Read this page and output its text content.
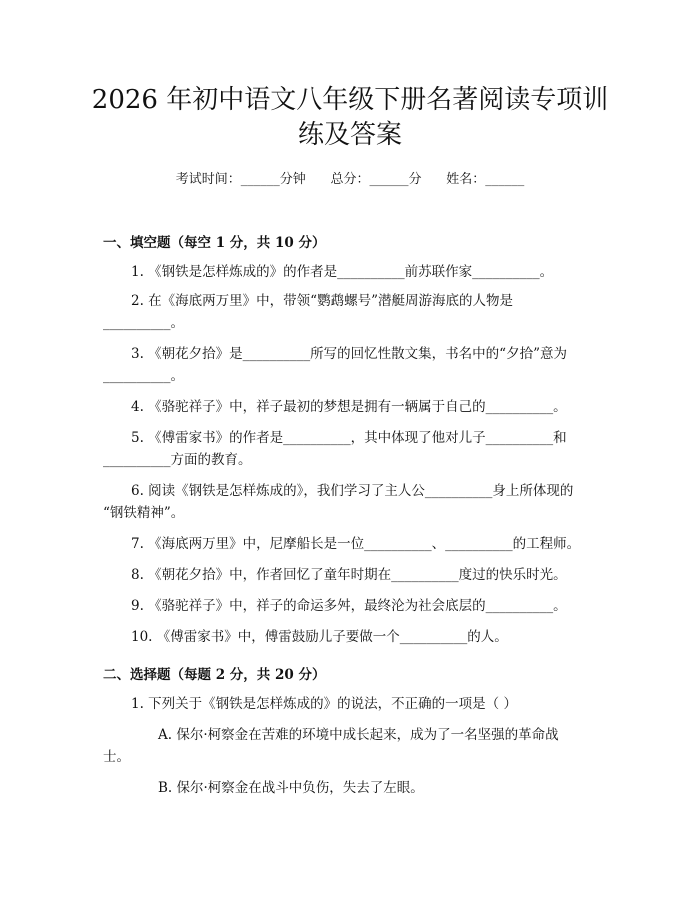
2026 年初中语文八年级下册名著阅读专项训
练及答案
考试时间：______分钟      总分：______分      姓名：______
一、填空题（每空 1 分，共 10 分）
1. 《钢铁是怎样炼成的》的作者是__________前苏联作家__________。
2. 在《海底两万里》中，带领“鹦鹉螺号”潜艇周游海底的人物是
__________。
3. 《朝花夕拾》是__________所写的回忆性散文集，书名中的“夕拾”意为
__________。
4. 《骆驼祥子》中，祥子最初的梦想是拥有一辆属于自己的__________。
5. 《傅雷家书》的作者是__________，其中体现了他对儿子__________和
__________方面的教育。
6. 阅读《钢铁是怎样炼成的》，我们学习了主人公__________身上所体现的
“钢铁精神”。
7. 《海底两万里》中，尼摩船长是一位__________、__________的工程师。
8. 《朝花夕拾》中，作者回忆了童年时期在__________度过的快乐时光。
9. 《骆驼祥子》中，祥子的命运多舛，最终沦为社会底层的__________。
10. 《傅雷家书》中，傅雷鼓励儿子要做一个__________的人。
二、选择题（每题 2 分，共 20 分）
1. 下列关于《钢铁是怎样炼成的》的说法，不正确的一项是（ ）
A. 保尔·柯察金在苦难的环境中成长起来，成为了一名坚强的革命战
士。
B. 保尔·柯察金在战斗中负伤，失去了左眼。
